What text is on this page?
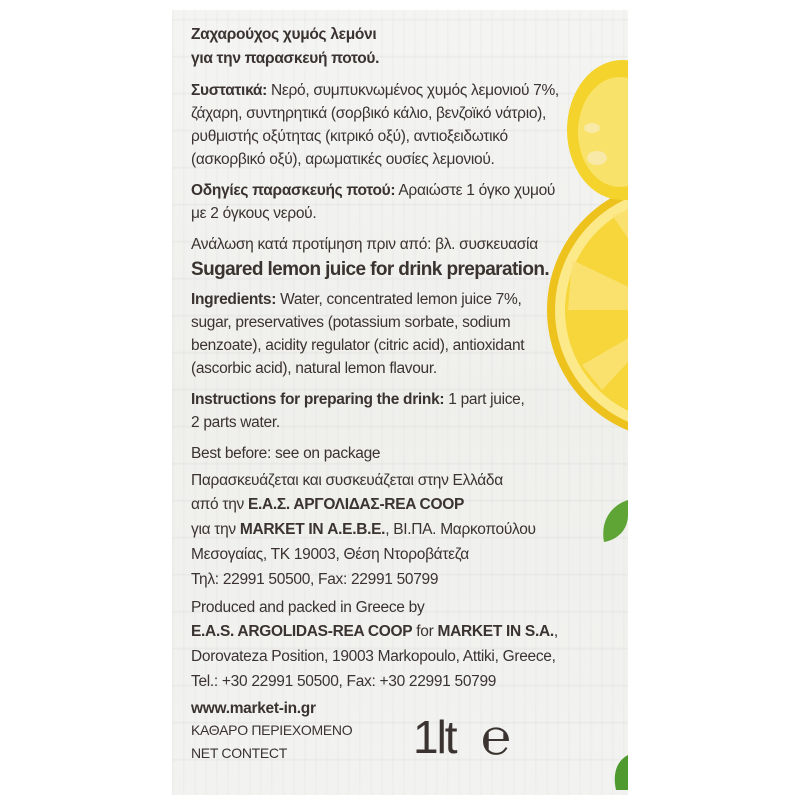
Ζαχαρούχος χυμός λεμόνι
για την παρασκευή ποτού.
Συστατικά: Νερό, συμπυκνωμένος χυμός λεμονιού 7%,
ζάχαρη, συντηρητικά (σορβικό κάλιο, βενζοϊκό νάτριο),
ρυθμιστής οξύτητας (κιτρικό οξύ), αντιοξειδωτικό
(ασκορβικό οξύ), αρωματικές ουσίες λεμονιού.
Οδηγίες παρασκευής ποτού: Αραιώστε 1 όγκο χυμού
με 2 όγκους νερού.
Ανάλωση κατά προτίμηση πριν από: βλ. συσκευασία
Sugared lemon juice for drink preparation.
Ingredients: Water, concentrated lemon juice 7%,
sugar, preservatives (potassium sorbate, sodium
benzoate), acidity regulator (citric acid), antioxidant
(ascorbic acid), natural lemon flavour.
Instructions for preparing the drink: 1 part juice,
2 parts water.
Best before: see on package
Παρασκευάζεται και συσκευάζεται στην Ελλάδα
από την Ε.Α.Σ. ΑΡΓΟΛΙΔΑΣ-REA COOP
για την MARKET IN Α.Ε.Β.Ε., ΒΙ.ΠΑ. Μαρκοπούλου
Μεσογαίας, ΤΚ 19003, Θέση Ντοροβάτεζα
Τηλ: 22991 50500, Fax: 22991 50799
Produced and packed in Greece by
E.A.S. ARGOLIDAS-REA COOP for MARKET IN S.A.,
Dorovateza Position, 19003 Markopoulo, Attiki, Greece,
Tel.: +30 22991 50500, Fax: +30 22991 50799
www.market-in.gr
ΚΑΘΑΡΟ ΠΕΡΙΕΧΟΜΕΝΟ
NET CONTECT	1lt ℮
